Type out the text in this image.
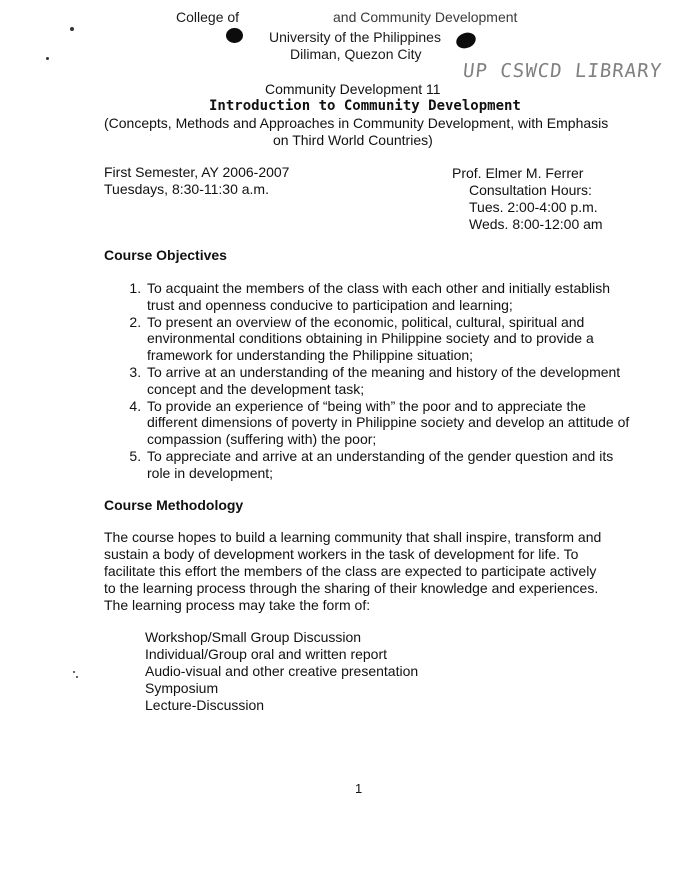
College of	and Community Development
University of the Philippines
Diliman, Quezon City
UP CSWCD LIBRARY
Community Development 11
Introduction to Community Development
(Concepts, Methods and Approaches in Community Development, with Emphasis
on Third World Countries)
First Semester, AY 2006-2007
Tuesdays, 8:30-11:30 a.m.
Prof. Elmer M. Ferrer
Consultation Hours:
Tues. 2:00-4:00 p.m.
Weds. 8:00-12:00 am
Course Objectives
1. To acquaint the members of the class with each other and initially establish trust and openness conducive to participation and learning;
2. To present an overview of the economic, political, cultural, spiritual and environmental conditions obtaining in Philippine society and to provide a framework for understanding the Philippine situation;
3. To arrive at an understanding of the meaning and history of the development concept and the development task;
4. To provide an experience of “being with” the poor and to appreciate the different dimensions of poverty in Philippine society and develop an attitude of compassion (suffering with) the poor;
5. To appreciate and arrive at an understanding of the gender question and its role in development;
Course Methodology
The course hopes to build a learning community that shall inspire, transform and sustain a body of development workers in the task of development for life. To facilitate this effort the members of the class are expected to participate actively to the learning process through the sharing of their knowledge and experiences. The learning process may take the form of:
Workshop/Small Group Discussion
Individual/Group oral and written report
Audio-visual and other creative presentation
Symposium
Lecture-Discussion
1
